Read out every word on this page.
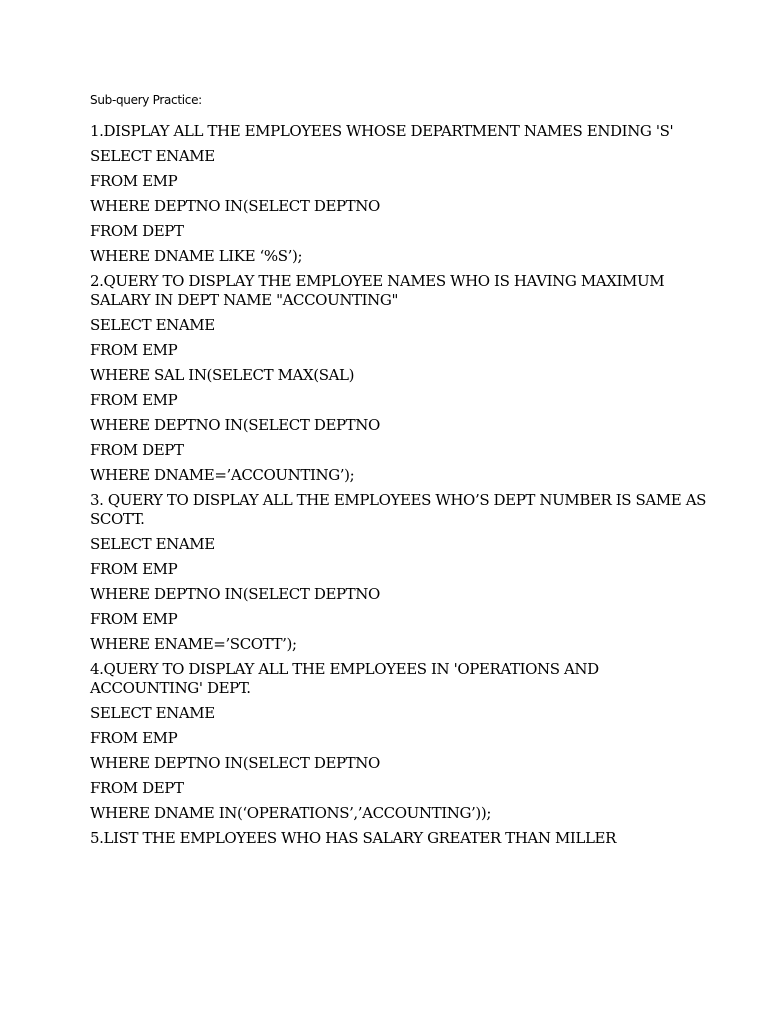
Sub-query Practice:
1.DISPLAY ALL THE EMPLOYEES WHOSE DEPARTMENT NAMES ENDING 'S'
SELECT ENAME
FROM EMP
WHERE DEPTNO IN(SELECT DEPTNO
FROM DEPT
WHERE DNAME LIKE ‘%S’);
2.QUERY TO DISPLAY THE EMPLOYEE NAMES WHO IS HAVING MAXIMUM SALARY IN DEPT NAME "ACCOUNTING"
SELECT ENAME
FROM EMP
WHERE SAL IN(SELECT MAX(SAL)
FROM EMP
WHERE DEPTNO IN(SELECT DEPTNO
FROM DEPT
WHERE DNAME=’ACCOUNTING’);
3. QUERY TO DISPLAY ALL THE EMPLOYEES WHO’S DEPT NUMBER IS SAME AS SCOTT.
SELECT ENAME
FROM EMP
WHERE DEPTNO IN(SELECT DEPTNO
FROM EMP
WHERE ENAME=’SCOTT’);
4.QUERY TO DISPLAY ALL THE EMPLOYEES IN 'OPERATIONS AND ACCOUNTING' DEPT.
SELECT ENAME
FROM EMP
WHERE DEPTNO IN(SELECT DEPTNO
FROM DEPT
WHERE DNAME IN(‘OPERATIONS’,’ACCOUNTING’));
5.LIST THE EMPLOYEES WHO HAS SALARY GREATER THAN MILLER
